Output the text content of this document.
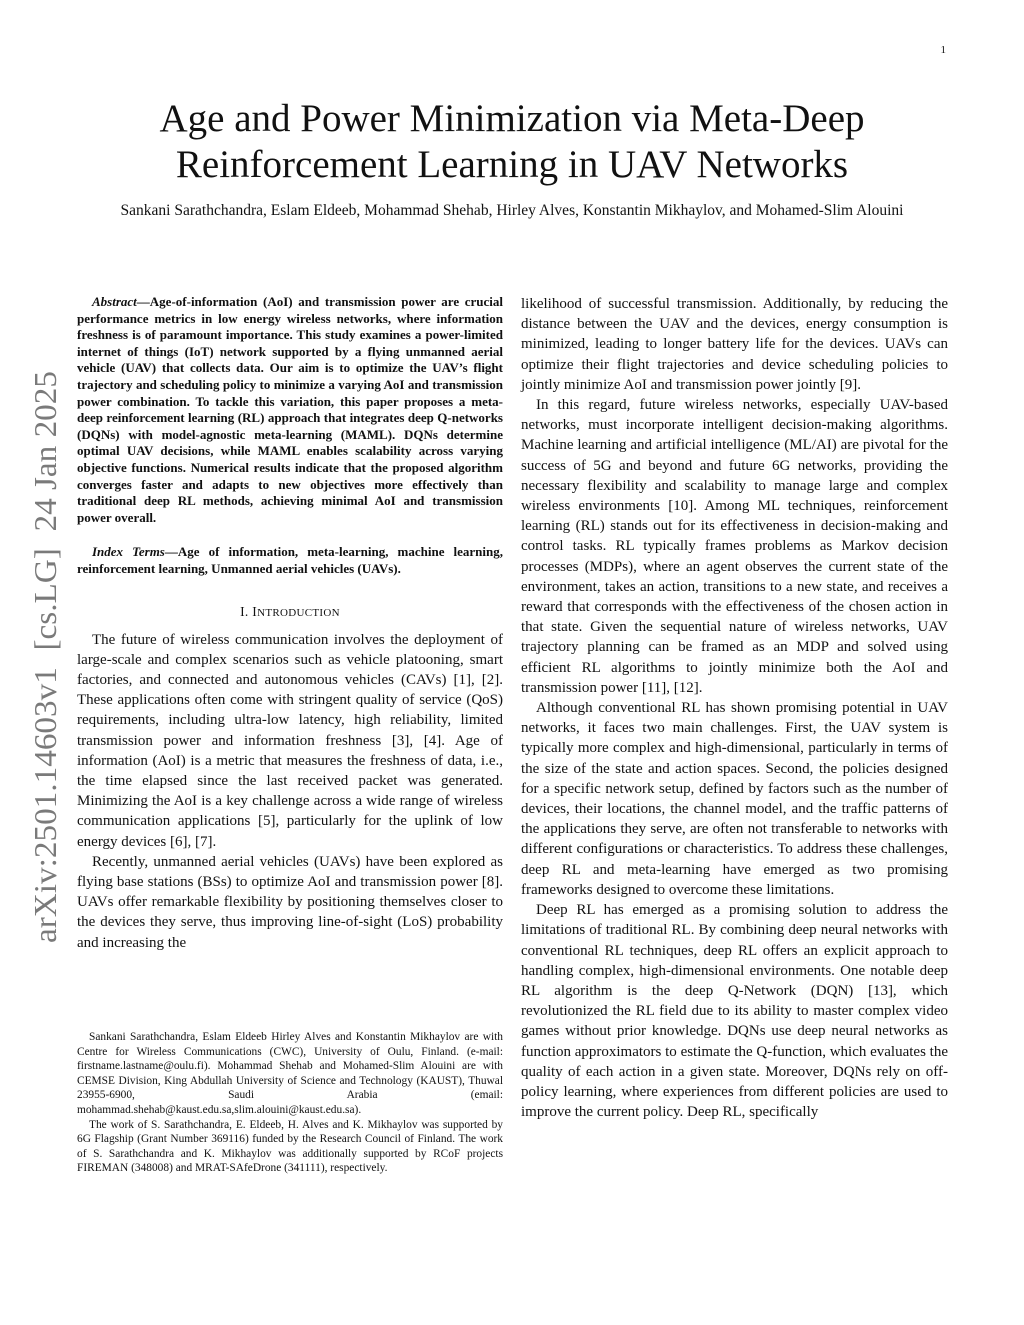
1
arXiv:2501.14603v1  [cs.LG]  24 Jan 2025
Age and Power Minimization via Meta-Deep
Reinforcement Learning in UAV Networks

Sankani Sarathchandra, Eslam Eldeeb, Mohammad Shehab, Hirley Alves, Konstantin Mikhaylov, and Mohamed-Slim Alouini

Abstract—Age-of-information (AoI) and transmission power are crucial performance metrics in low energy wireless networks, where information freshness is of paramount importance. This study examines a power-limited internet of things (IoT) network supported by a flying unmanned aerial vehicle (UAV) that collects data. Our aim is to optimize the UAV’s flight trajectory and scheduling policy to minimize a varying AoI and transmission power combination. To tackle this variation, this paper proposes a meta-deep reinforcement learning (RL) approach that integrates deep Q-networks (DQNs) with model-agnostic meta-learning (MAML). DQNs determine optimal UAV decisions, while MAML enables scalability across varying objective functions. Numerical results indicate that the proposed algorithm converges faster and adapts to new objectives more effectively than traditional deep RL methods, achieving minimal AoI and transmission power overall.

Index Terms—Age of information, meta-learning, machine learning, reinforcement learning, Unmanned aerial vehicles (UAVs).

I. INTRODUCTION

The future of wireless communication involves the deployment of large-scale and complex scenarios such as vehicle platooning, smart factories, and connected and autonomous vehicles (CAVs) [1], [2]. These applications often come with stringent quality of service (QoS) requirements, including ultra-low latency, high reliability, limited transmission power and information freshness [3], [4]. Age of information (AoI) is a metric that measures the freshness of data, i.e., the time elapsed since the last received packet was generated. Minimizing the AoI is a key challenge across a wide range of wireless communication applications [5], particularly for the uplink of low energy devices [6], [7].

Recently, unmanned aerial vehicles (UAVs) have been explored as flying base stations (BSs) to optimize AoI and transmission power [8]. UAVs offer remarkable flexibility by positioning themselves closer to the devices they serve, thus improving line-of-sight (LoS) probability and increasing the

Sankani Sarathchandra, Eslam Eldeeb Hirley Alves and Konstantin Mikhaylov are with Centre for Wireless Communications (CWC), University of Oulu, Finland. (e-mail: firstname.lastname@oulu.fi). Mohammad Shehab and Mohamed-Slim Alouini are with CEMSE Division, King Abdullah University of Science and Technology (KAUST), Thuwal 23955-6900, Saudi Arabia (email: mohammad.shehab@kaust.edu.sa,slim.alouini@kaust.edu.sa).

The work of S. Sarathchandra, E. Eldeeb, H. Alves and K. Mikhaylov was supported by 6G Flagship (Grant Number 369116) funded by the Research Council of Finland. The work of S. Sarathchandra and K. Mikhaylov was additionally supported by RCoF projects FIREMAN (348008) and MRAT-SAfeDrone (341111), respectively.

likelihood of successful transmission. Additionally, by reducing the distance between the UAV and the devices, energy consumption is minimized, leading to longer battery life for the devices. UAVs can optimize their flight trajectories and device scheduling policies to jointly minimize AoI and transmission power jointly [9].

In this regard, future wireless networks, especially UAV-based networks, must incorporate intelligent decision-making algorithms. Machine learning and artificial intelligence (ML/AI) are pivotal for the success of 5G and beyond and future 6G networks, providing the necessary flexibility and scalability to manage large and complex wireless environments [10]. Among ML techniques, reinforcement learning (RL) stands out for its effectiveness in decision-making and control tasks. RL typically frames problems as Markov decision processes (MDPs), where an agent observes the current state of the environment, takes an action, transitions to a new state, and receives a reward that corresponds with the effectiveness of the chosen action in that state. Given the sequential nature of wireless networks, UAV trajectory planning can be framed as an MDP and solved using efficient RL algorithms to jointly minimize both the AoI and transmission power [11], [12].

Although conventional RL has shown promising potential in UAV networks, it faces two main challenges. First, the UAV system is typically more complex and high-dimensional, particularly in terms of the size of the state and action spaces. Second, the policies designed for a specific network setup, defined by factors such as the number of devices, their locations, the channel model, and the traffic patterns of the applications they serve, are often not transferable to networks with different configurations or characteristics. To address these challenges, deep RL and meta-learning have emerged as two promising frameworks designed to overcome these limitations.

Deep RL has emerged as a promising solution to address the limitations of traditional RL. By combining deep neural networks with conventional RL techniques, deep RL offers an explicit approach to handling complex, high-dimensional environments. One notable deep RL algorithm is the deep Q-Network (DQN) [13], which revolutionized the RL field due to its ability to master complex video games without prior knowledge. DQNs use deep neural networks as function approximators to estimate the Q-function, which evaluates the quality of each action in a given state. Moreover, DQNs rely on off-policy learning, where experiences from different policies are used to improve the current policy. Deep RL, specifically
